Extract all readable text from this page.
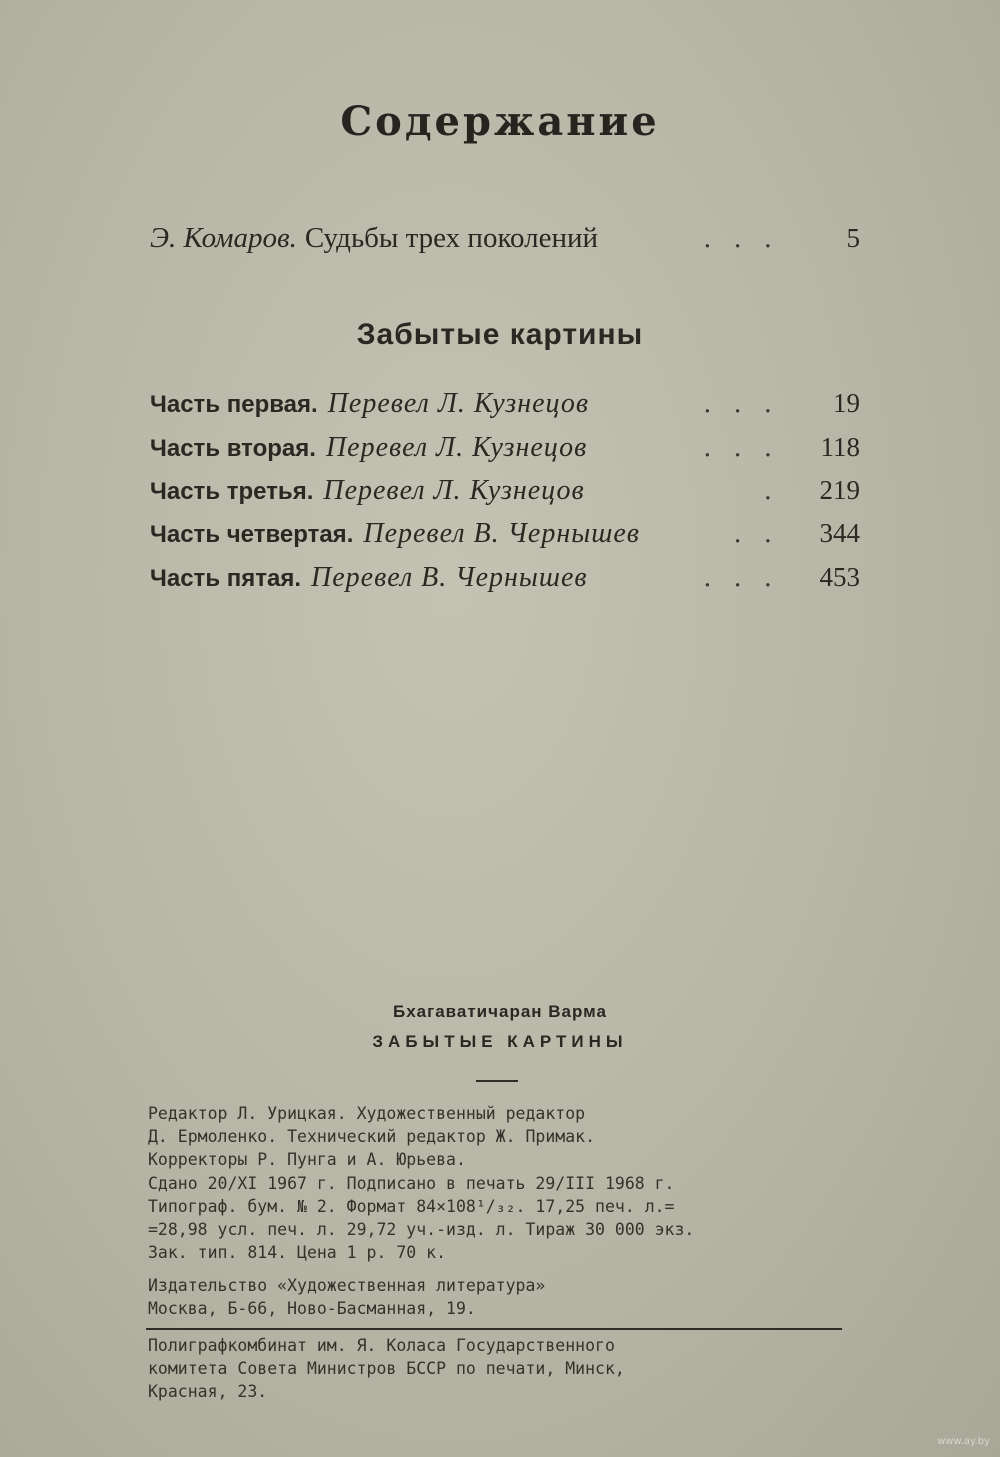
Содержание
Э. Комаров. Судьбы трех поколений	...	5
Забытые картины
Часть первая. Перевел Л. Кузнецов	...	19
Часть вторая. Перевел Л. Кузнецов	... 118
Часть третья. Перевел Л. Кузнецов	. 219
Часть четвертая. Перевел В. Чернышев	.. 344
Часть пятая. Перевел В. Чернышев	... 453
Бхагаватичаран Варма
ЗАБЫТЫЕ КАРТИНЫ
Редактор Л. Урицкая. Художественный редактор
Д. Ермоленко. Технический редактор Ж. Примак.
Корректоры Р. Пунга и А. Юрьева.
Сдано 20/XI 1967 г. Подписано в печать 29/III 1968 г.
Типограф. бум. № 2. Формат 84×108¹/₃₂. 17,25 печ. л.=
=28,98 усл. печ. л. 29,72 уч.-изд. л. Тираж 30 000 экз.
Зак. тип. 814. Цена 1 р. 70 к.
Издательство «Художественная литература»
Москва, Б-66, Ново-Басманная, 19.
Полиграфкомбинат им. Я. Коласа Государственного
комитета Совета Министров БССР по печати, Минск,
Красная, 23.
www.ay.by
